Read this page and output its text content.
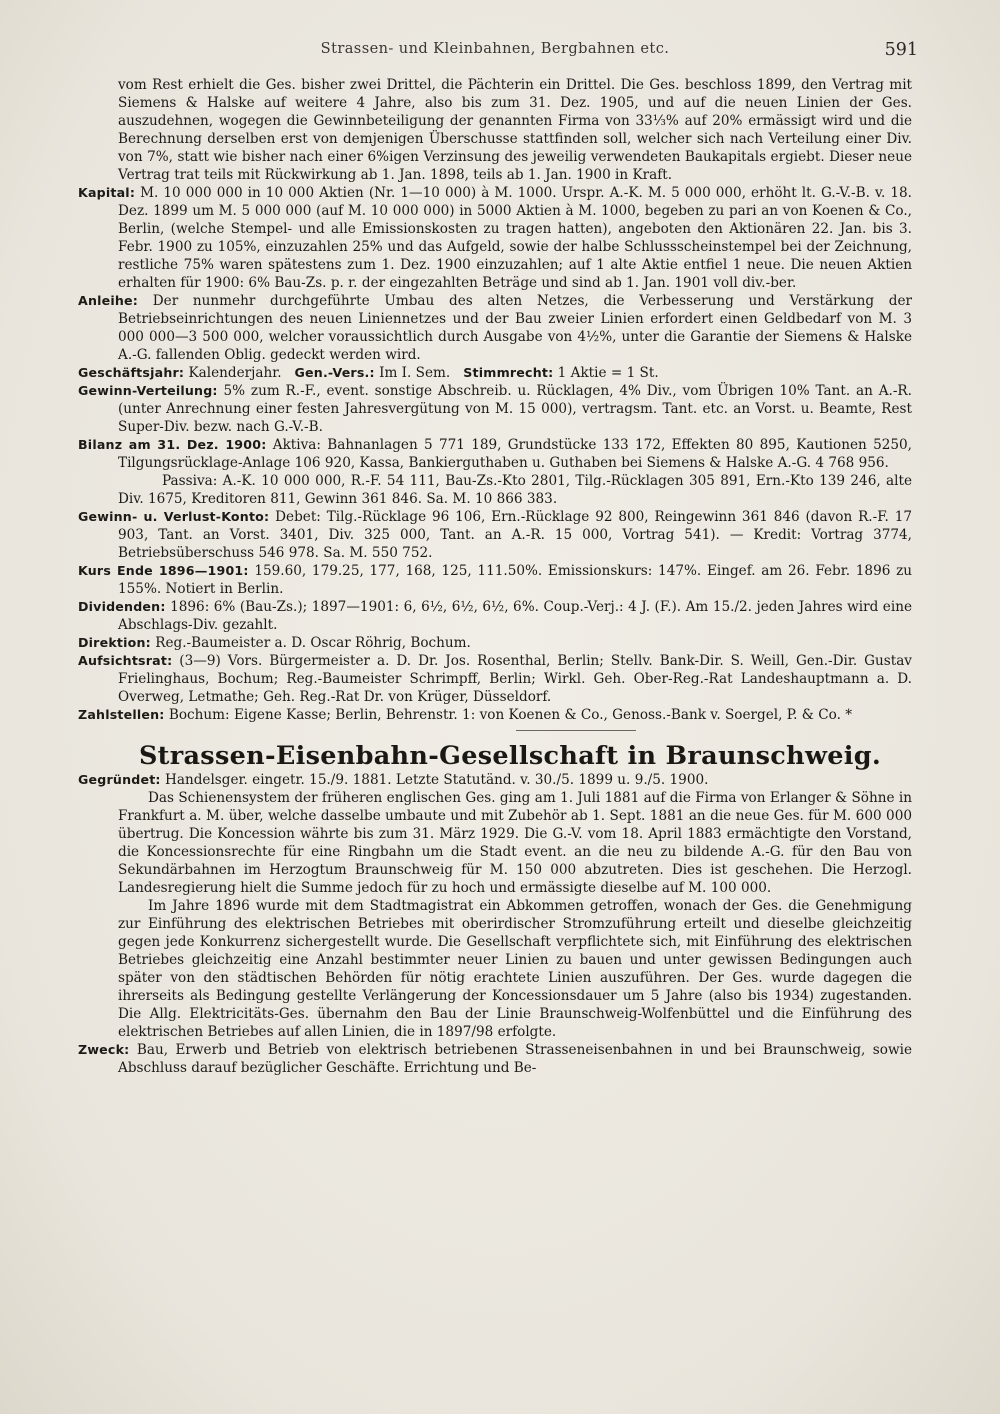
Strassen- und Kleinbahnen, Bergbahnen etc.	591

vom Rest erhielt die Ges. bisher zwei Drittel, die Pächterin ein Drittel. Die Ges. beschloss 1899, den Vertrag mit Siemens & Halske auf weitere 4 Jahre, also bis zum 31. Dez. 1905, und auf die neuen Linien der Ges. auszudehnen, wogegen die Gewinnbeteiligung der genannten Firma von 33⅓% auf 20% ermässigt wird und die Berechnung derselben erst von demjenigen Überschusse stattfinden soll, welcher sich nach Verteilung einer Div. von 7%, statt wie bisher nach einer 6%igen Verzinsung des jeweilig verwendeten Baukapitals ergiebt. Dieser neue Vertrag trat teils mit Rückwirkung ab 1. Jan. 1898, teils ab 1. Jan. 1900 in Kraft.

Kapital: M. 10 000 000 in 10 000 Aktien (Nr. 1—10 000) à M. 1000. Urspr. A.-K. M. 5 000 000, erhöht lt. G.-V.-B. v. 18. Dez. 1899 um M. 5 000 000 (auf M. 10 000 000) in 5000 Aktien à M. 1000, begeben zu pari an von Koenen & Co., Berlin, (welche Stempel- und alle Emissionskosten zu tragen hatten), angeboten den Aktionären 22. Jan. bis 3. Febr. 1900 zu 105%, einzuzahlen 25% und das Aufgeld, sowie der halbe Schlussscheinstempel bei der Zeichnung, restliche 75% waren spätestens zum 1. Dez. 1900 einzuzahlen; auf 1 alte Aktie entfiel 1 neue. Die neuen Aktien erhalten für 1900: 6% Bau-Zs. p. r. der eingezahlten Beträge und sind ab 1. Jan. 1901 voll div.-ber.

Anleihe: Der nunmehr durchgeführte Umbau des alten Netzes, die Verbesserung und Verstärkung der Betriebseinrichtungen des neuen Liniennetzes und der Bau zweier Linien erfordert einen Geldbedarf von M. 3 000 000—3 500 000, welcher voraussichtlich durch Ausgabe von 4½%, unter die Garantie der Siemens & Halske A.-G. fallenden Oblig. gedeckt werden wird.

Geschäftsjahr: Kalenderjahr. Gen.-Vers.: Im I. Sem. Stimmrecht: 1 Aktie = 1 St.

Gewinn-Verteilung: 5% zum R.-F., event. sonstige Abschreib. u. Rücklagen, 4% Div., vom Übrigen 10% Tant. an A.-R. (unter Anrechnung einer festen Jahresvergütung von M. 15 000), vertragsm. Tant. etc. an Vorst. u. Beamte, Rest Super-Div. bezw. nach G.-V.-B.

Bilanz am 31. Dez. 1900: Aktiva: Bahnanlagen 5 771 189, Grundstücke 133 172, Effekten 80 895, Kautionen 5250, Tilgungsrücklage-Anlage 106 920, Kassa, Bankierguthaben u. Guthaben bei Siemens & Halske A.-G. 4 768 956.

Passiva: A.-K. 10 000 000, R.-F. 54 111, Bau-Zs.-Kto 2801, Tilg.-Rücklagen 305 891, Ern.-Kto 139 246, alte Div. 1675, Kreditoren 811, Gewinn 361 846. Sa. M. 10 866 383.

Gewinn- u. Verlust-Konto: Debet: Tilg.-Rücklage 96 106, Ern.-Rücklage 92 800, Reingewinn 361 846 (davon R.-F. 17 903, Tant. an Vorst. 3401, Div. 325 000, Tant. an A.-R. 15 000, Vortrag 541). — Kredit: Vortrag 3774, Betriebsüberschuss 546 978. Sa. M. 550 752.

Kurs Ende 1896—1901: 159.60, 179.25, 177, 168, 125, 111.50%. Emissionskurs: 147%. Eingef. am 26. Febr. 1896 zu 155%. Notiert in Berlin.

Dividenden: 1896: 6% (Bau-Zs.); 1897—1901: 6, 6½, 6½, 6½, 6%. Coup.-Verj.: 4 J. (F.). Am 15./2. jeden Jahres wird eine Abschlags-Div. gezahlt.

Direktion: Reg.-Baumeister a. D. Oscar Röhrig, Bochum.

Aufsichtsrat: (3—9) Vors. Bürgermeister a. D. Dr. Jos. Rosenthal, Berlin; Stellv. Bank-Dir. S. Weill, Gen.-Dir. Gustav Frielinghaus, Bochum; Reg.-Baumeister Schrimpff, Berlin; Wirkl. Geh. Ober-Reg.-Rat Landeshauptmann a. D. Overweg, Letmathe; Geh. Reg.-Rat Dr. von Krüger, Düsseldorf.

Zahlstellen: Bochum: Eigene Kasse; Berlin, Behrenstr. 1: von Koenen & Co., Genoss.-Bank v. Soergel, P. & Co. *

Strassen-Eisenbahn-Gesellschaft in Braunschweig.

Gegründet: Handelsger. eingetr. 15./9. 1881. Letzte Statutänd. v. 30./5. 1899 u. 9./5. 1900.

Das Schienensystem der früheren englischen Ges. ging am 1. Juli 1881 auf die Firma von Erlanger & Söhne in Frankfurt a. M. über, welche dasselbe umbaute und mit Zubehör ab 1. Sept. 1881 an die neue Ges. für M. 600 000 übertrug. Die Koncession währte bis zum 31. März 1929. Die G.-V. vom 18. April 1883 ermächtigte den Vorstand, die Koncessionsrechte für eine Ringbahn um die Stadt event. an die neu zu bildende A.-G. für den Bau von Sekundärbahnen im Herzogtum Braunschweig für M. 150 000 abzutreten. Dies ist geschehen. Die Herzogl. Landesregierung hielt die Summe jedoch für zu hoch und ermässigte dieselbe auf M. 100 000.

Im Jahre 1896 wurde mit dem Stadtmagistrat ein Abkommen getroffen, wonach der Ges. die Genehmigung zur Einführung des elektrischen Betriebes mit oberirdischer Stromzuführung erteilt und dieselbe gleichzeitig gegen jede Konkurrenz sichergestellt wurde. Die Gesellschaft verpflichtete sich, mit Einführung des elektrischen Betriebes gleichzeitig eine Anzahl bestimmter neuer Linien zu bauen und unter gewissen Bedingungen auch später von den städtischen Behörden für nötig erachtete Linien auszuführen. Der Ges. wurde dagegen die ihrerseits als Bedingung gestellte Verlängerung der Koncessionsdauer um 5 Jahre (also bis 1934) zugestanden. Die Allg. Elektricitäts-Ges. übernahm den Bau der Linie Braunschweig-Wolfenbüttel und die Einführung des elektrischen Betriebes auf allen Linien, die in 1897/98 erfolgte.

Zweck: Bau, Erwerb und Betrieb von elektrisch betriebenen Strasseneisenbahnen in und bei Braunschweig, sowie Abschluss darauf bezüglicher Geschäfte. Errichtung und Be-
